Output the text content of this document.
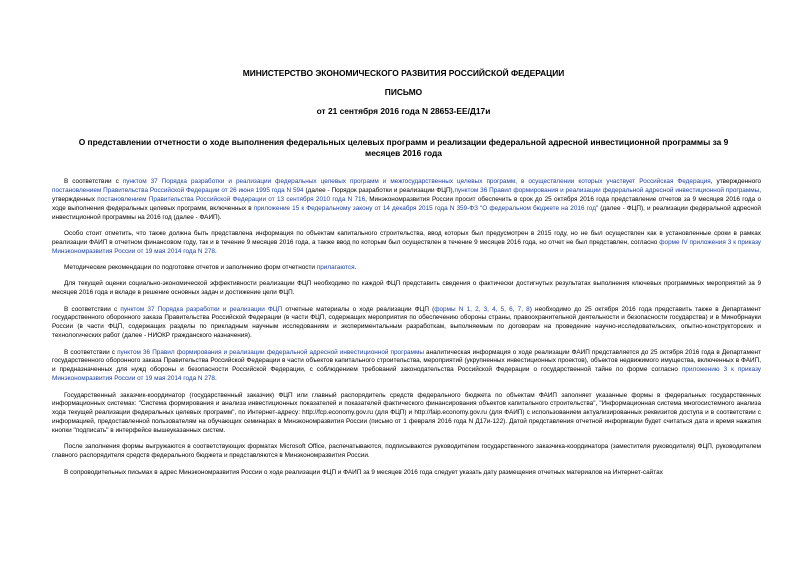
МИНИСТЕРСТВО ЭКОНОМИЧЕСКОГО РАЗВИТИЯ РОССИЙСКОЙ ФЕДЕРАЦИИ
ПИСЬМО
от 21 сентября 2016 года N 28653-ЕЕ/Д17и
О представлении отчетности о ходе выполнения федеральных целевых программ и реализации федеральной адресной инвестиционной программы за 9 месяцев 2016 года

В соответствии с пунктом 37 Порядка разработки и реализации федеральных целевых программ и межгосударственных целевых программ, в осуществлении которых участвует Российская Федерация, утвержденного постановлением Правительства Российской Федерации от 26 июня 1995 года N 594 (далее - Порядок разработки и реализации ФЦП),пунктом 36 Правил формирования и реализации федеральной адресной инвестиционной программы, утвержденных постановлением Правительства Российской Федерации от 13 сентября 2010 года N 716, Минэкономразвития России просит обеспечить в срок до 25 октября 2016 года представление отчетов за 9 месяцев 2016 года о ходе выполнения федеральных целевых программ, включенных в приложение 15 к Федеральному закону от 14 декабря 2015 года N 359-ФЗ "О федеральном бюджете на 2016 год" (далее - ФЦП), и реализации федеральной адресной инвестиционной программы на 2016 год (далее - ФАИП).

Особо стоит отметить, что также должна быть представлена информация по объектам капитального строительства, ввод которых был предусмотрен в 2015 году, но не был осуществлен как в установленные сроки в рамках реализации ФАИП в отчетном финансовом году, так и в течение 9 месяцев 2016 года, а также ввод по которым был осуществлен в течение 9 месяцев 2016 года, но отчет не был представлен, согласно форме IV приложения 3 к приказу Минэкономразвития России от 19 мая 2014 года N 278.

Методические рекомендации по подготовке отчетов и заполнению форм отчетности прилагаются.

Для текущей оценки социально-экономической эффективности реализации ФЦП необходимо по каждой ФЦП представить сведения о фактически достигнутых результатах выполнения ключевых программных мероприятий за 9 месяцев 2016 года и вкладе в решение основных задач и достижение цели ФЦП.

В соответствии с пунктом 37 Порядка разработки и реализации ФЦП отчетные материалы о ходе реализации ФЦП (формы N 1, 2, 3, 4, 5, 6, 7, 8) необходимо до 25 октября 2016 года представить также в Департамент государственного оборонного заказа Правительства Российской Федерации (в части ФЦП, содержащих мероприятия по обеспечению обороны страны, правоохранительной деятельности и безопасности государства) и в Минобрнауки России (в части ФЦП, содержащих разделы по прикладным научным исследованиям и экспериментальным разработкам, выполняемым по договорам на проведение научно-исследовательских, опытно-конструкторских и технологических работ (далее - НИОКР гражданского назначения).

В соответствии с пунктом 36 Правил формирования и реализации федеральной адресной инвестиционной программы аналитическая информация о ходе реализации ФАИП представляется до 25 октября 2016 года в Департамент государственного оборонного заказа Правительства Российской Федерации в части объектов капитального строительства, мероприятий (укрупненных инвестиционных проектов), объектов недвижимого имущества, включенных в ФАИП, и предназначенных для нужд обороны и безопасности Российской Федерации, с соблюдением требований законодательства Российской Федерации о государственной тайне по форме согласно приложению 3 к приказу Минэкономразвития России от 19 мая 2014 года N 278.

Государственный заказчик-координатор (государственный заказчик) ФЦП или главный распорядитель средств федерального бюджета по объектам ФАИП заполняет указанные формы в федеральных государственных информационных системах: "Система формирования и анализа инвестиционных показателей и показателей фактического финансирования объектов капитального строительства", "Информационная система многосистемного анализа хода текущей реализации федеральных целевых программ", по Интернет-адресу: http://fcp.economy.gov.ru (для ФЦП) и http://faip.economy.gov.ru (для ФАИП) с использованием актуализированных реквизитов доступа и в соответствии с информацией, предоставленной пользователям на обучающих семинарах в Минэкономразвития России (письмо от 1 февраля 2016 года N Д17и-122). Датой представления отчетной информации будет считаться дата и время нажатия кнопки "подписать" в интерфейсе вышеуказанных систем.

После заполнения формы выгружаются в соответствующих форматах Microsoft Office, распечатываются, подписываются руководителем государственного заказчика-координатора (заместителя руководителя) ФЦП, руководителем главного распорядителя средств федерального бюджета и представляются в Минэкономразвития России.

В сопроводительных письмах в адрес Минэкономразвития России о ходе реализации ФЦП и ФАИП за 9 месяцев 2016 года следует указать дату размещения отчетных материалов на Интернет-сайтах
